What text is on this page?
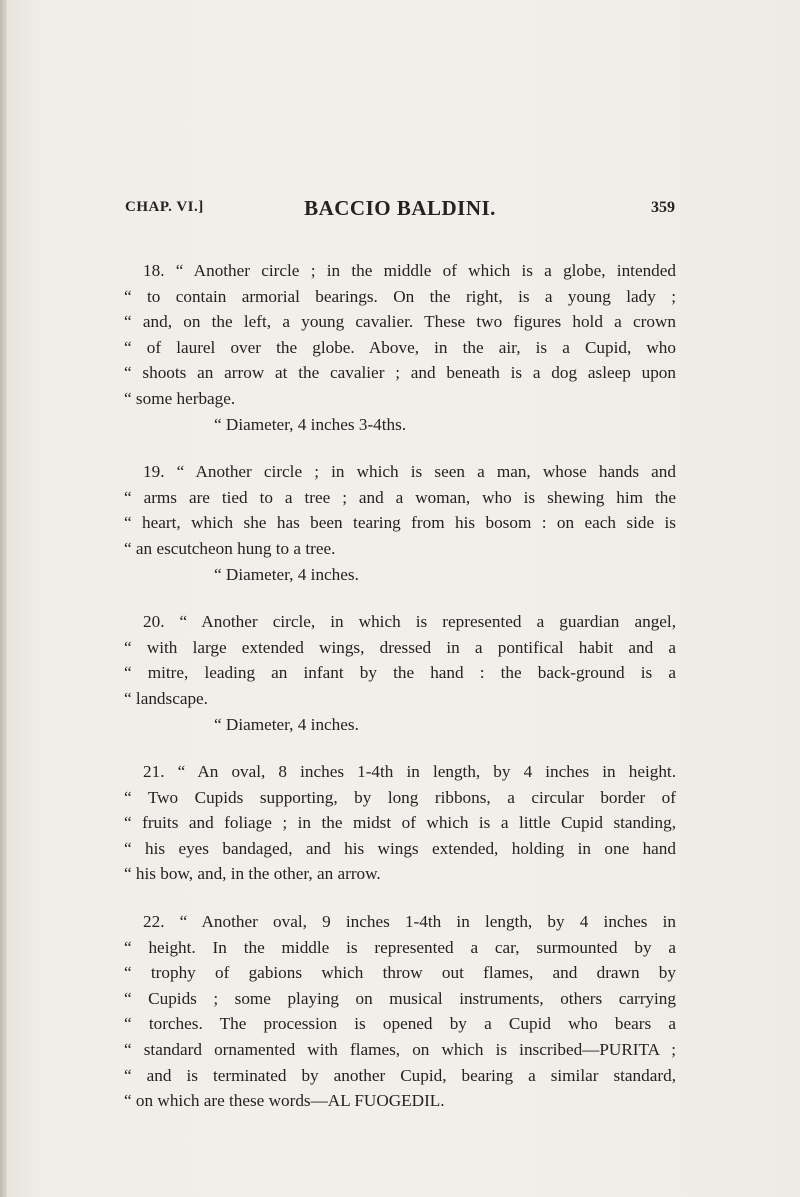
CHAP. VI.]	BACCIO BALDINI.	359
18. “ Another circle ; in the middle of which is a globe, intended
“ to contain armorial bearings. On the right, is a young lady ;
“ and, on the left, a young cavalier. These two figures hold a crown
“ of laurel over the globe. Above, in the air, is a Cupid, who
“ shoots an arrow at the cavalier ; and beneath is a dog asleep upon
“ some herbage.
“ Diameter, 4 inches 3-4ths.
19. “ Another circle ; in which is seen a man, whose hands and
“ arms are tied to a tree ; and a woman, who is shewing him the
“ heart, which she has been tearing from his bosom : on each side is
“ an escutcheon hung to a tree.
“ Diameter, 4 inches.
20. “ Another circle, in which is represented a guardian angel,
“ with large extended wings, dressed in a pontifical habit and a
“ mitre, leading an infant by the hand : the back-ground is a
“ landscape.
“ Diameter, 4 inches.
21. “ An oval, 8 inches 1-4th in length, by 4 inches in height.
“ Two Cupids supporting, by long ribbons, a circular border of
“ fruits and foliage ; in the midst of which is a little Cupid standing,
“ his eyes bandaged, and his wings extended, holding in one hand
“ his bow, and, in the other, an arrow.
22. “ Another oval, 9 inches 1-4th in length, by 4 inches in
“ height. In the middle is represented a car, surmounted by a
“ trophy of gabions which throw out flames, and drawn by
“ Cupids ; some playing on musical instruments, others carrying
“ torches. The procession is opened by a Cupid who bears a
“ standard ornamented with flames, on which is inscribed—PURITA ;
“ and is terminated by another Cupid, bearing a similar standard,
“ on which are these words—AL FUOGEDIL.
